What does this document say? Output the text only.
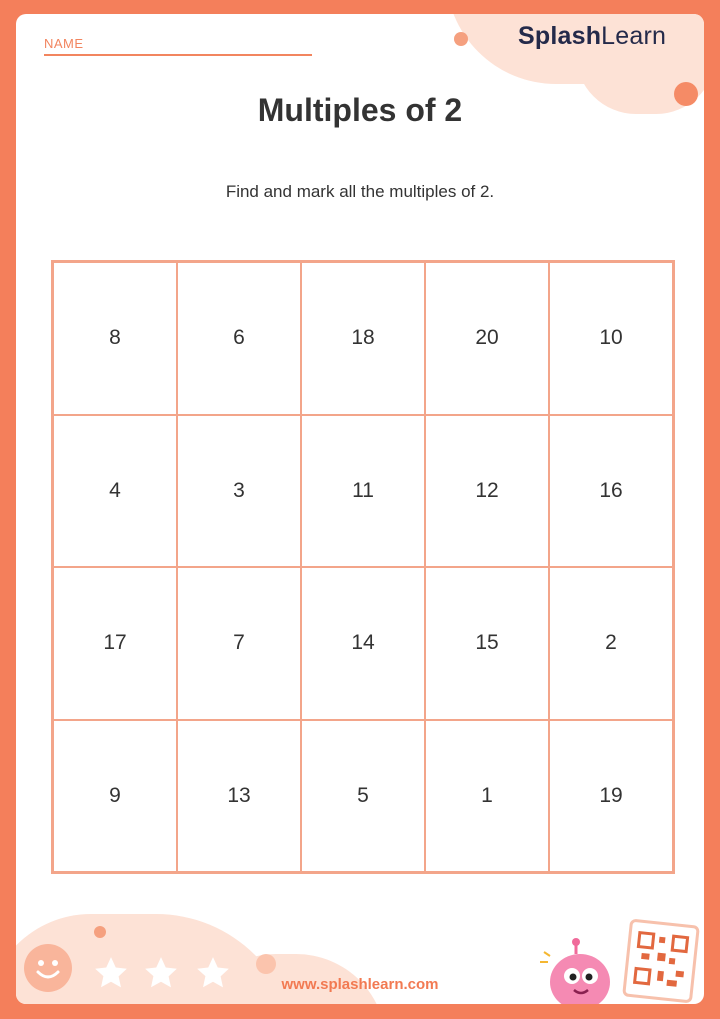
SplashLearn
NAME
Multiples of 2
Find and mark all the multiples of 2.
8	6	18	20	10
4	3	11	12	16
17	7	14	15	2
9	13	5	1	19
www.splashlearn.com
